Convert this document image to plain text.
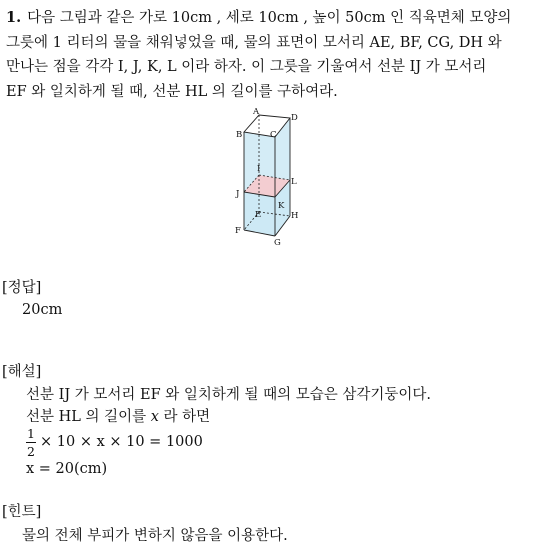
1. 다음 그림과 같은 가로 10cm , 세로 10cm , 높이 50cm 인 직육면체 모양의
그릇에 1 리터의 물을 채워넣었을 때, 물의 표면이 모서리 AE, BF, CG, DH 와
만나는 점을 각각 I, J, K, L 이라 하자. 이 그릇을 기울여서 선분 IJ 가 모서리
EF 와 일치하게 될 때, 선분 HL 의 길이를 구하여라.
A
D
B	C
I
L
J
K
E	H
F
G
[정답]
20cm
[해설]
선분 IJ 가 모서리 EF 와 일치하게 될 때의 모습은 삼각기둥이다.
선분 HL 의 길이를 x 라 하면
1
2
× 10 × x × 10 = 1000
x = 20(cm)
[힌트]
물의 전체 부피가 변하지 않음을 이용한다.
